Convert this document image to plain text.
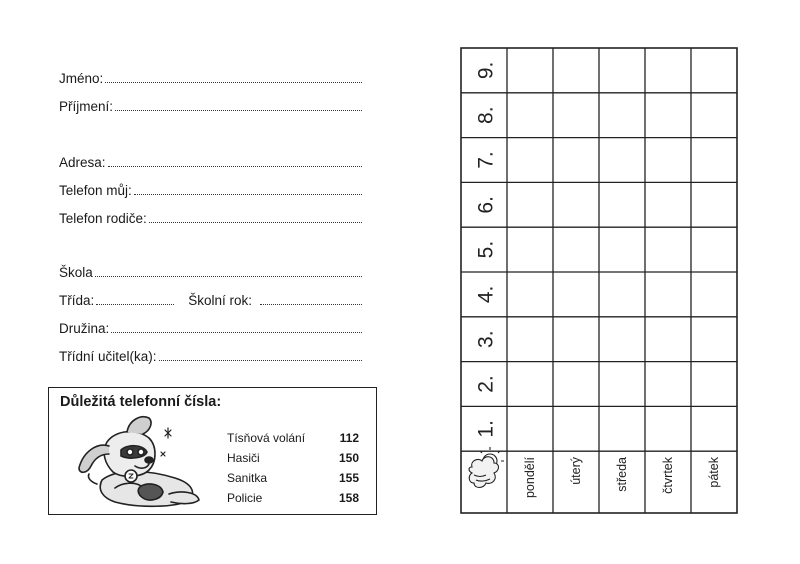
Jméno:
Příjmení:
Adresa:
Telefon můj:
Telefon rodiče:
Škola
Třída:	Školní rok:
Družina:
Třídní učitel(ka):
Důležitá telefonní čísla:
Tísňová volání	112
Hasiči	150
Sanitka	155
Policie	158
1.
2.
3.
4.
5.
6.
7.
8.
9.
pondělí	úterý	středa	čtvrtek	pátek
